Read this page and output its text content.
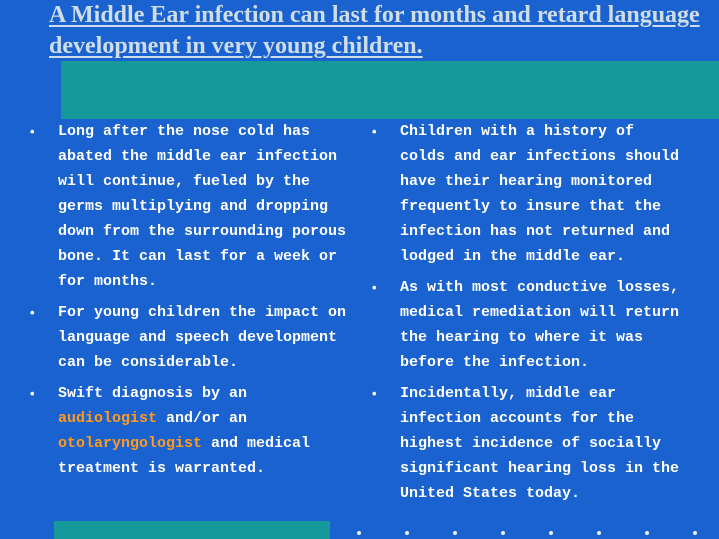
A Middle Ear infection can last for months and retard language development in very young children.
• Long after the nose cold has abated the middle ear infection will continue, fueled by the germs multiplying and dropping down from the surrounding porous bone. It can last for a week or for months.
• For young children the impact on language and speech development can be considerable.
• Swift diagnosis by an audiologist and/or an otolaryngologist and medical treatment is warranted.
• Children with a history of colds and ear infections should have their hearing monitored frequently to insure that the infection has not returned and lodged in the middle ear.
• As with most conductive losses, medical remediation will return the hearing to where it was before the infection.
• Incidentally, middle ear infection accounts for the highest incidence of socially significant hearing loss in the United States today.
